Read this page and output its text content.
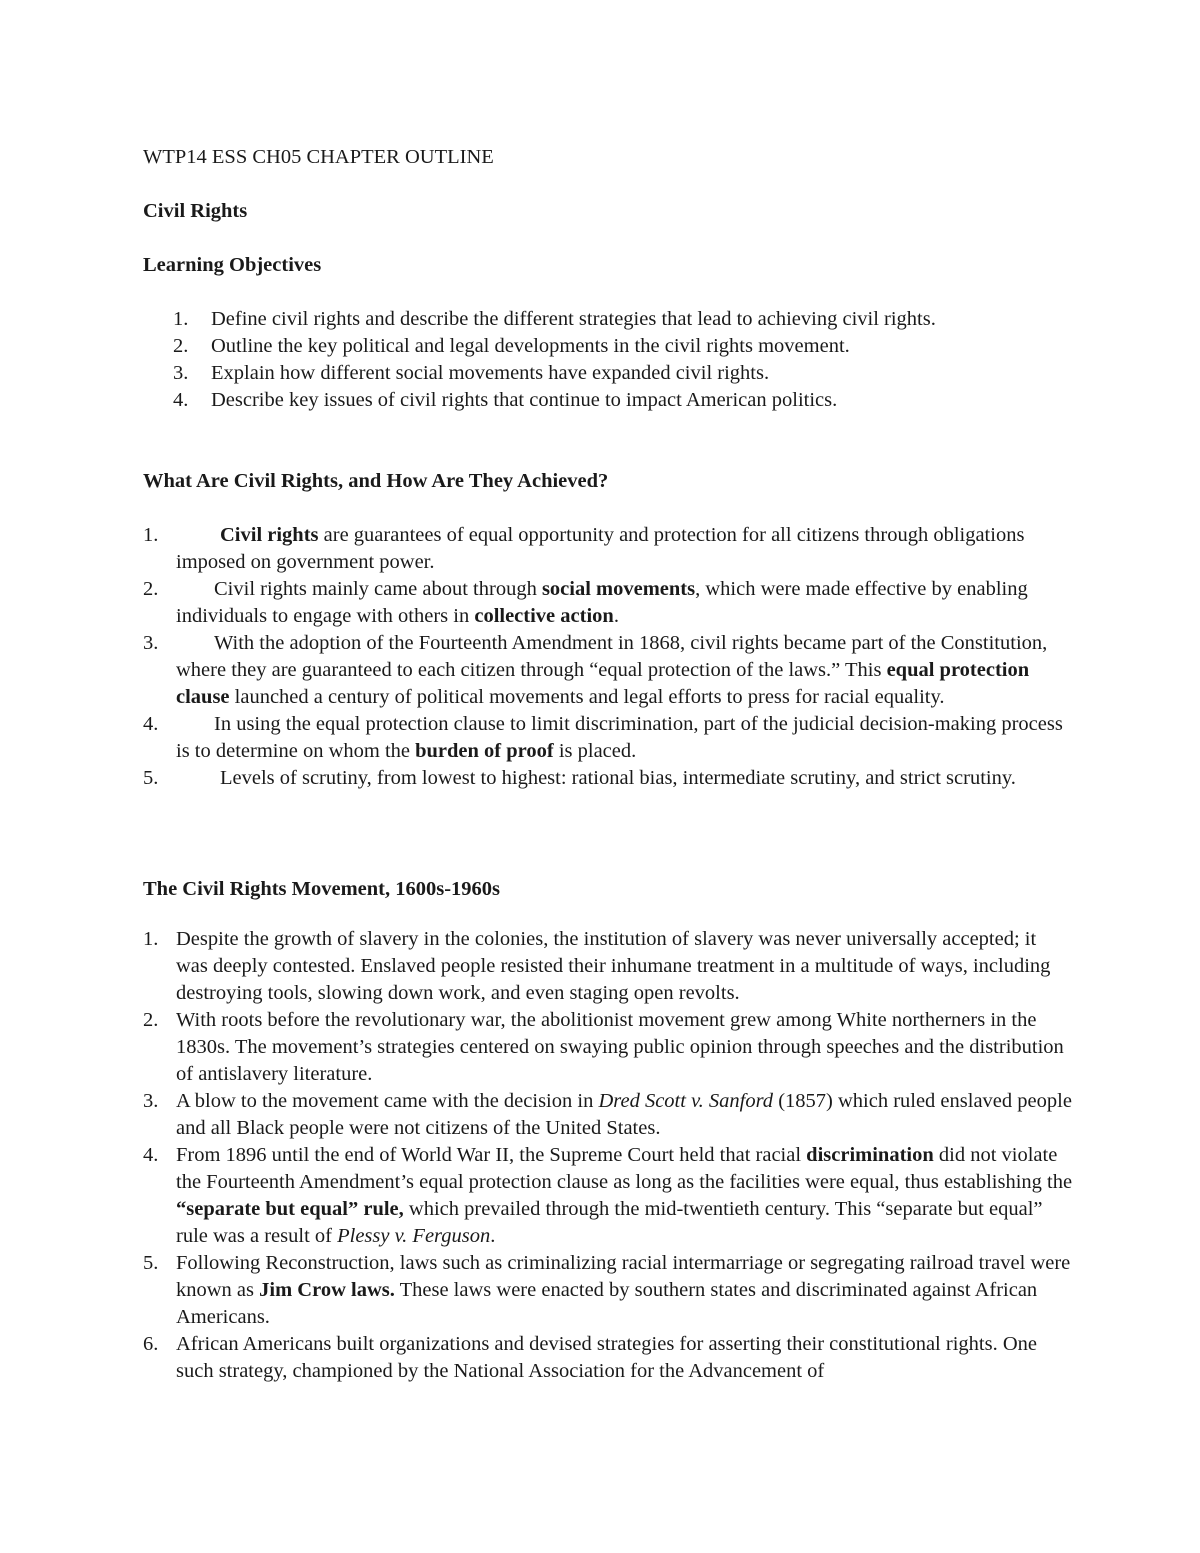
WTP14 ESS CH05 CHAPTER OUTLINE
Civil Rights
Learning Objectives
1. Define civil rights and describe the different strategies that lead to achieving civil rights.
2. Outline the key political and legal developments in the civil rights movement.
3. Explain how different social movements have expanded civil rights.
4. Describe key issues of civil rights that continue to impact American politics.
What Are Civil Rights, and How Are They Achieved?
1.	Civil rights are guarantees of equal opportunity and protection for all citizens through obligations imposed on government power.
2.	Civil rights mainly came about through social movements, which were made effective by enabling individuals to engage with others in collective action.
3.	With the adoption of the Fourteenth Amendment in 1868, civil rights became part of the Constitution, where they are guaranteed to each citizen through “equal protection of the laws.” This equal protection clause launched a century of political movements and legal efforts to press for racial equality.
4.	In using the equal protection clause to limit discrimination, part of the judicial decision-making process is to determine on whom the burden of proof is placed.
5.	Levels of scrutiny, from lowest to highest: rational bias, intermediate scrutiny, and strict scrutiny.
The Civil Rights Movement, 1600s-1960s
1. Despite the growth of slavery in the colonies, the institution of slavery was never universally accepted; it was deeply contested. Enslaved people resisted their inhumane treatment in a multitude of ways, including destroying tools, slowing down work, and even staging open revolts.
2. With roots before the revolutionary war, the abolitionist movement grew among White northerners in the 1830s. The movement’s strategies centered on swaying public opinion through speeches and the distribution of antislavery literature.
3. A blow to the movement came with the decision in Dred Scott v. Sanford (1857) which ruled enslaved people and all Black people were not citizens of the United States.
4. From 1896 until the end of World War II, the Supreme Court held that racial discrimination did not violate the Fourteenth Amendment’s equal protection clause as long as the facilities were equal, thus establishing the “separate but equal” rule, which prevailed through the mid-twentieth century. This “separate but equal” rule was a result of Plessy v. Ferguson.
5. Following Reconstruction, laws such as criminalizing racial intermarriage or segregating railroad travel were known as Jim Crow laws. These laws were enacted by southern states and discriminated against African Americans.
6. African Americans built organizations and devised strategies for asserting their constitutional rights. One such strategy, championed by the National Association for the Advancement of
